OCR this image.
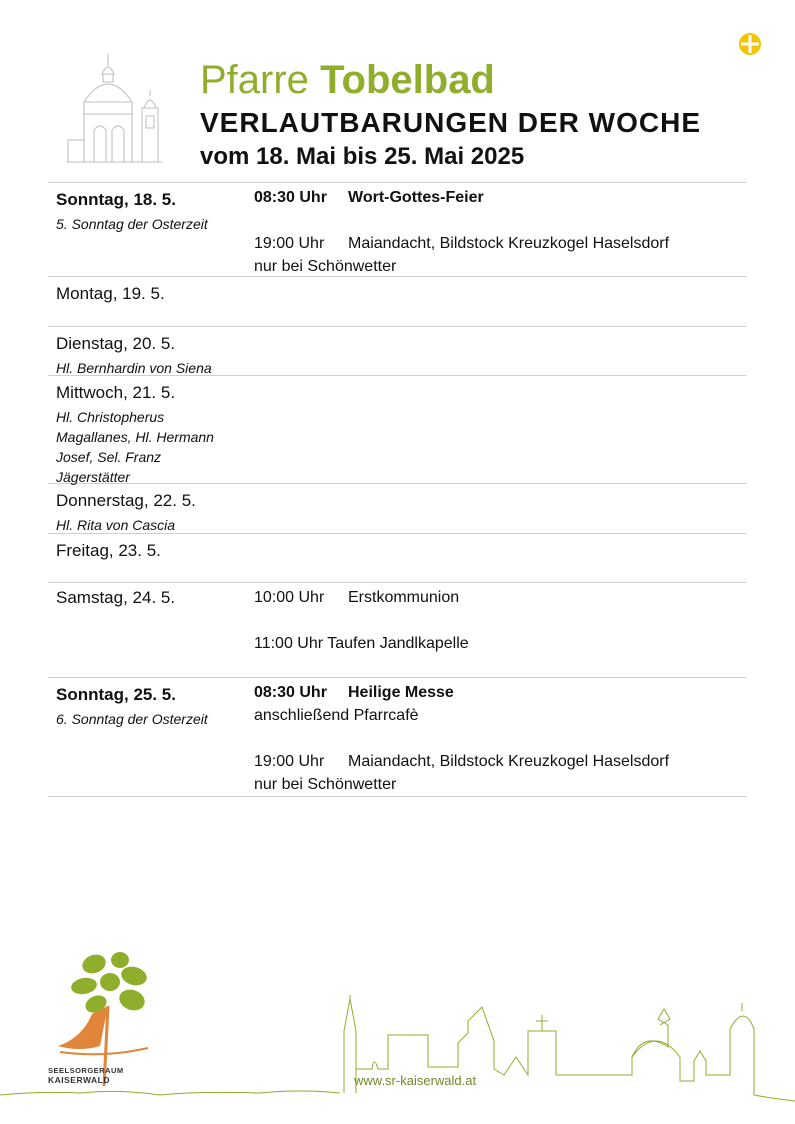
Pfarre Tobelbad
VERLAUTBARUNGEN DER WOCHE
vom 18. Mai bis 25. Mai 2025
Sonntag, 18. 5.
5. Sonntag der Osterzeit
08:30 Uhr Wort-Gottes-Feier
19:00 Uhr Maiandacht, Bildstock Kreuzkogel Haselsdorf
nur bei Schönwetter
Montag, 19. 5.
Dienstag, 20. 5.
Hl. Bernhardin von Siena
Mittwoch, 21. 5.
Hl. Christopherus
Magallanes, Hl. Hermann
Josef, Sel. Franz
Jägerstätter
Donnerstag, 22. 5.
Hl. Rita von Cascia
Freitag, 23. 5.
Samstag, 24. 5.	10:00 Uhr Erstkommunion
11:00 Uhr Taufen Jandlkapelle
Sonntag, 25. 5.
6. Sonntag der Osterzeit
08:30 Uhr Heilige Messe
anschließend Pfarrcafè
19:00 Uhr Maiandacht, Bildstock Kreuzkogel Haselsdorf
nur bei Schönwetter
SEELSORGERAUM
KAISERWALD	www.sr-kaiserwald.at
